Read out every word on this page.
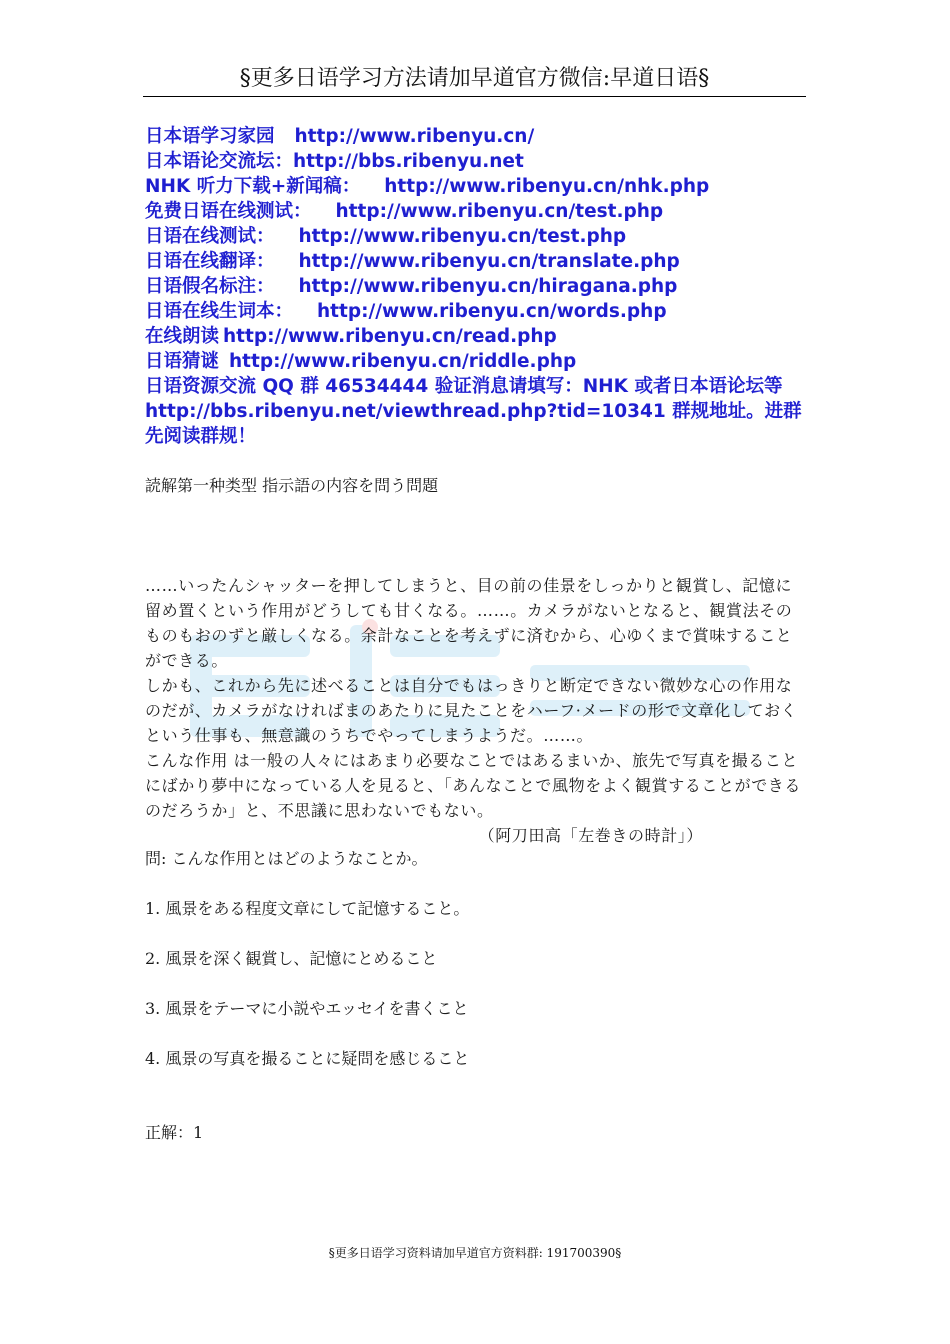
§更多日语学习方法请加早道官方微信:早道日语§
日本语学习家园 http://www.ribenyu.cn/
日本语论交流坛：http://bbs.ribenyu.net
NHK 听力下载+新闻稿： http://www.ribenyu.cn/nhk.php
免费日语在线测试： http://www.ribenyu.cn/test.php
日语在线测试： http://www.ribenyu.cn/test.php
日语在线翻译： http://www.ribenyu.cn/translate.php
日语假名标注： http://www.ribenyu.cn/hiragana.php
日语在线生词本： http://www.ribenyu.cn/words.php
在线朗读 http://www.ribenyu.cn/read.php
日语猜谜 http://www.ribenyu.cn/riddle.php
日语资源交流 QQ 群 46534444 验证消息请填写：NHK 或者日本语论坛等 http://bbs.ribenyu.net/viewthread.php?tid=10341 群规地址。进群先阅读群规！
読解第一种类型 指示語の内容を問う問題

……いったんシャッターを押してしまうと、目の前の佳景をしっかりと観賞し、記憶に留め置くという作用がどうしても甘くなる。……。カメラがないとなると、観賞法そのものもおのずと厳しくなる。余計なことを考えずに済むから、心ゆくまで賞味することができる。

しかも、これから先に述べることは自分でもはっきりと断定できない微妙な心の作用なのだが、カメラがなければまのあたりに見たことをハーフ·メードの形で文章化しておくという仕事も、無意識のうちでやってしまうようだ。……。

こんな作用 は一般の人々にはあまり必要なことではあるまいか、旅先で写真を撮ることにばかり夢中になっている人を見ると、「あんなことで風物をよく観賞することができるのだろうか」と、不思議に思わないでもない。

（阿刀田高「左巻きの時計」）

問: こんな作用とはどのようなことか。
1. 風景をある程度文章にして記憶すること。
2. 風景を深く観賞し、記憶にとめること
3. 風景をテーマに小説やエッセイを書くこと
4. 風景の写真を撮ることに疑問を感じること
正解：1
§更多日语学习资料请加早道官方资料群: 191700390§
